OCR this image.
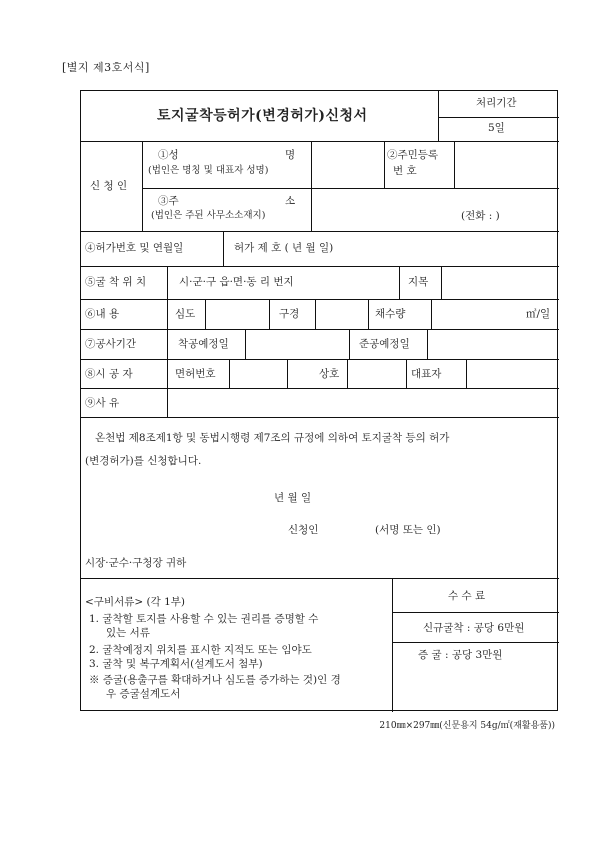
[별지 제3호서식]
토지굴착등허가(변경허가)신청서
처리기간
5일
신 청 인
①성	명
(법인은 명칭 및 대표자 성명)
②주민등록
번 호
③주	소
(법인은 주된 사무소소재지)	(전화 : )
④허가번호 및 연월일	허가 제 호 ( 년 월 일)
⑤굴 착 위 치	시·군·구 읍·면·동 리 번지	지목
⑥내 용	심도	구경	채수량	㎥/일
⑦공사기간	착공예정일	준공예정일
⑧시 공 자	면허번호	상호	대표자
⑨사 유
온천법 제8조제1항 및 동법시행령 제7조의 규정에 의하여 토지굴착 등의 허가
(변경허가)를 신청합니다.
년 월 일
신청인	(서명 또는 인)
시장·군수·구청장 귀하
<구비서류> (각 1부)
1. 굴착할 토지를 사용할 수 있는 권리를 증명할 수
있는 서류
2. 굴착예정지 위치를 표시한 지적도 또는 임야도
3. 굴착 및 복구계획서(설계도서 첨부)
※ 증굴(용출구를 확대하거나 심도를 증가하는 것)인 경
우 증굴설계도서
수 수 료
신규굴착 : 공당 6만원
증 굴 : 공당 3만원
210㎜×297㎜(신문용지 54g/㎡(재활용품))
